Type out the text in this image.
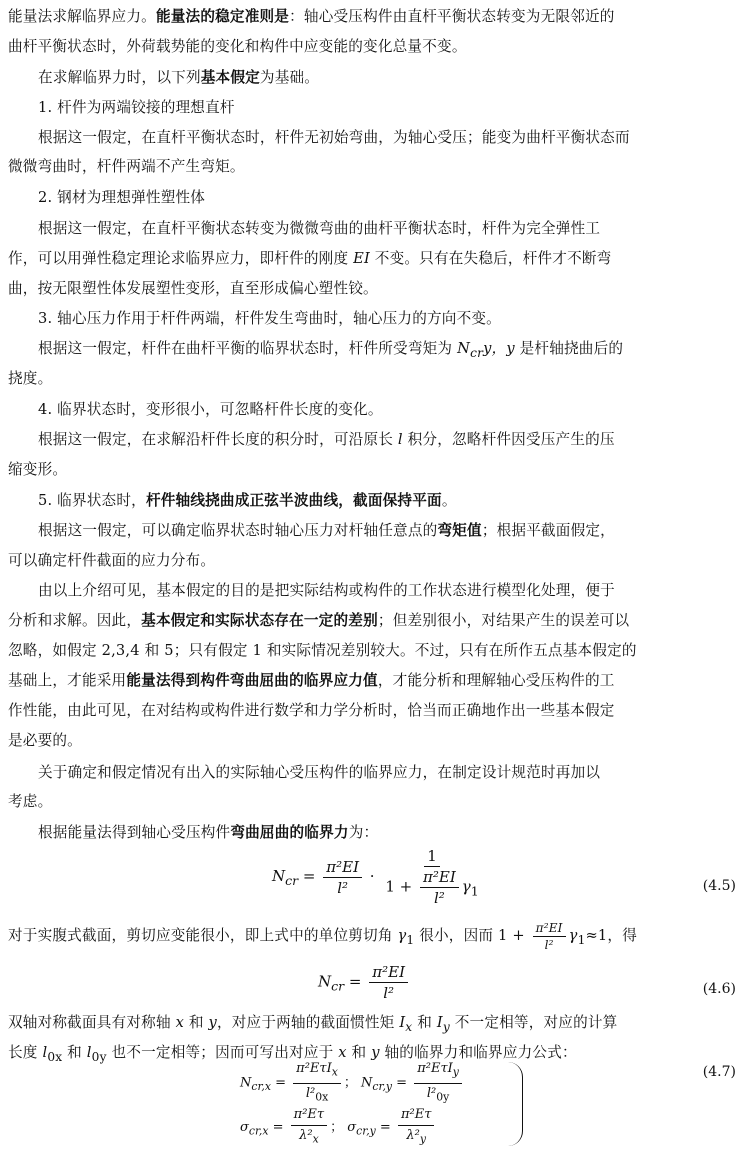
能量法求解临界应力。能量法的稳定准则是：轴心受压构件由直杆平衡状态转变为无限邻近的
曲杆平衡状态时，外荷载势能的变化和构件中应变能的变化总量不变。
在求解临界力时，以下列基本假定为基础。
1. 杆件为两端铰接的理想直杆
根据这一假定，在直杆平衡状态时，杆件无初始弯曲，为轴心受压；能变为曲杆平衡状态而
微微弯曲时，杆件两端不产生弯矩。
2. 钢材为理想弹性塑性体
根据这一假定，在直杆平衡状态转变为微微弯曲的曲杆平衡状态时，杆件为完全弹性工
作，可以用弹性稳定理论求临界应力，即杆件的刚度 EI 不变。只有在失稳后，杆件才不断弯
曲，按无限塑性体发展塑性变形，直至形成偏心塑性铰。
3. 轴心压力作用于杆件两端，杆件发生弯曲时，轴心压力的方向不变。
根据这一假定，杆件在曲杆平衡的临界状态时，杆件所受弯矩为 $N_{cr}y$，y 是杆轴挠曲后的
挠度。
4. 临界状态时，变形很小，可忽略杆件长度的变化。
根据这一假定，在求解沿杆件长度的积分时，可沿原长 l 积分，忽略杆件因受压产生的压
缩变形。
5. 临界状态时，杆件轴线挠曲成正弦半波曲线，截面保持平面。
根据这一假定，可以确定临界状态时轴心压力对杆轴任意点的弯矩值；根据平截面假定，
可以确定杆件截面的应力分布。
由以上介绍可见，基本假定的目的是把实际结构或构件的工作状态进行模型化处理，便于
分析和求解。因此，基本假定和实际状态存在一定的差别；但差别很小，对结果产生的误差可以
忽略，如假定 2,3,4 和 5；只有假定 1 和实际情况差别较大。不过，只有在所作五点基本假定的
基础上，才能采用能量法得到构件弯曲屈曲的临界应力值，才能分析和理解轴心受压构件的工
作性能，由此可见，在对结构或构件进行数学和力学分析时，恰当而正确地作出一些基本假定
是必要的。
关于确定和假定情况有出入的实际轴心受压构件的临界应力，在制定设计规范时再加以
考虑。
根据能量法得到轴心受压构件弯曲屈曲的临界力为：
$N_{cr} = \frac{\text{π²EI}}{\text{l²}} \cdot \frac{1}{1 + \frac{\text{π²EI}}{\text{l²}} \gamma_1}$	(4.5)
对于实腹式截面，剪切应变能很小，即上式中的单位剪切角 $\gamma_1$ 很小，因而 $1 + \frac{\text{π²EI}}{\text{l²}} \gamma_1\approx 1$，得
$N_{cr} = \frac{\text{π²EI}}{\text{l²}}$	(4.6)
双轴对称截面具有对称轴 x 和 y，对应于两轴的截面惯性矩 $I_x$ 和 $I_y$ 不一定相等，对应的计算
长度 $l_{0x}$ 和 $l_{0y}$ 也不一定相等；因而可写出对应于 x 和 y 轴的临界力和临界应力公式：
$N_{cr,x} = \frac{\pi^2E\tau I_x}{l^2_{0x}}$ ； $N_{cr,y} = \frac{\pi^2E\tau I_y}{l^2_{0y}}$

$\sigma_{cr,x} = \frac{\text{π²Eτ}}{\lambda^2_x}$ ； $\sigma_{cr,y} = \frac{\text{π²Eτ}}{\lambda^2_y}$
(4.7)
